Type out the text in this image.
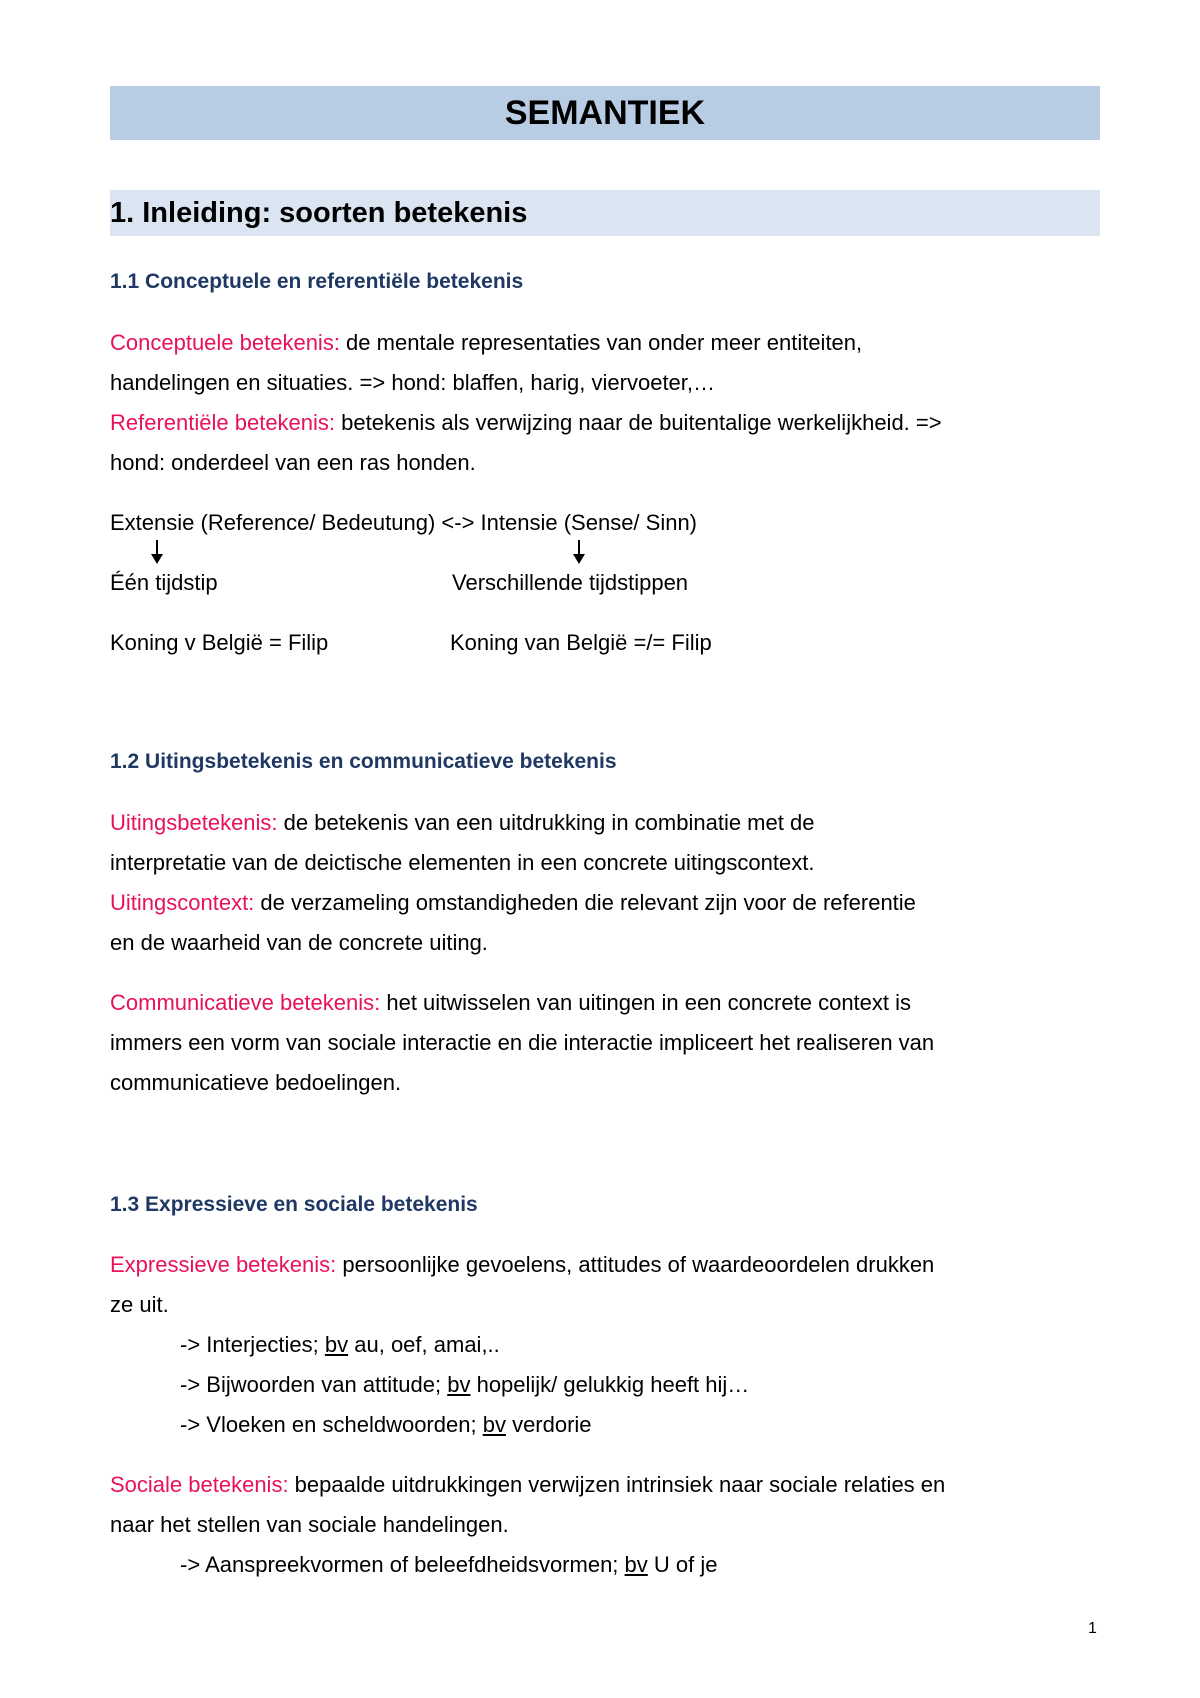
SEMANTIEK
1. Inleiding: soorten betekenis
1.1 Conceptuele en referentiële betekenis
Conceptuele betekenis: de mentale representaties van onder meer entiteiten,
handelingen en situaties. => hond: blaffen, harig, viervoeter,…
Referentiële betekenis: betekenis als verwijzing naar de buitentalige werkelijkheid. =>
hond: onderdeel van een ras honden.
Extensie (Reference/ Bedeutung) <-> Intensie (Sense/ Sinn)
Één tijdstip	Verschillende tijdstippen
Koning v België = Filip	Koning van België =/= Filip
1.2 Uitingsbetekenis en communicatieve betekenis
Uitingsbetekenis: de betekenis van een uitdrukking in combinatie met de
interpretatie van de deictische elementen in een concrete uitingscontext.
Uitingscontext: de verzameling omstandigheden die relevant zijn voor de referentie
en de waarheid van de concrete uiting.
Communicatieve betekenis: het uitwisselen van uitingen in een concrete context is
immers een vorm van sociale interactie en die interactie impliceert het realiseren van
communicatieve bedoelingen.
1.3 Expressieve en sociale betekenis
Expressieve betekenis: persoonlijke gevoelens, attitudes of waardeoordelen drukken
ze uit.
-> Interjecties; bv au, oef, amai,..
-> Bijwoorden van attitude; bv hopelijk/ gelukkig heeft hij…
-> Vloeken en scheldwoorden; bv verdorie
Sociale betekenis: bepaalde uitdrukkingen verwijzen intrinsiek naar sociale relaties en
naar het stellen van sociale handelingen.
-> Aanspreekvormen of beleefdheidsvormen; bv U of je
1
